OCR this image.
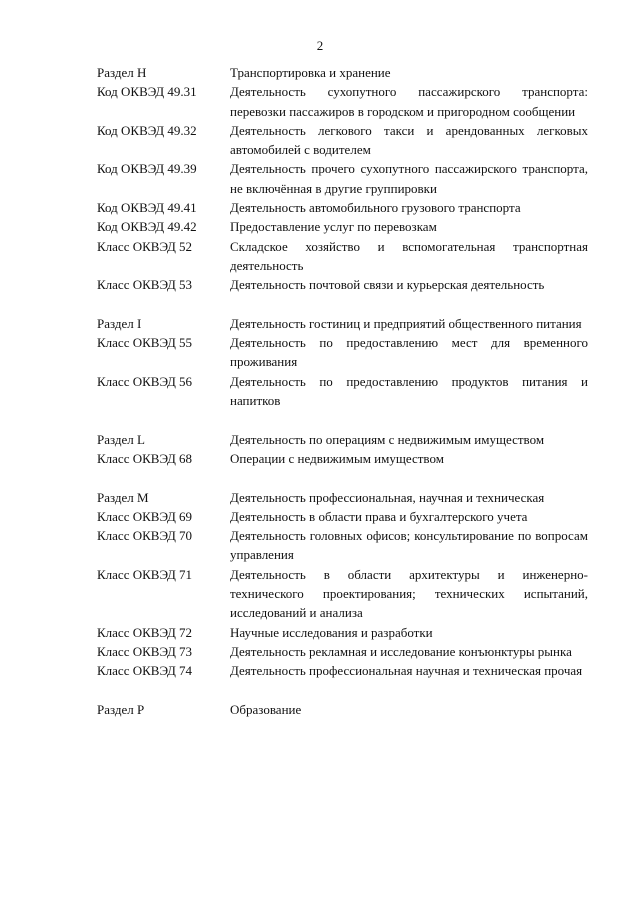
2
Раздел H	Транспортировка и хранение
Код ОКВЭД 49.31	Деятельность сухопутного пассажирского транспорта: перевозки пассажиров в городском и пригородном сообщении
Код ОКВЭД 49.32	Деятельность легкового такси и арендованных легковых автомобилей с водителем
Код ОКВЭД 49.39	Деятельность прочего сухопутного пассажирского транспорта, не включённая в другие группировки
Код ОКВЭД 49.41	Деятельность автомобильного грузового транспорта
Код ОКВЭД 49.42	Предоставление услуг по перевозкам
Класс ОКВЭД 52	Складское хозяйство и вспомогательная транспортная деятельность
Класс ОКВЭД 53	Деятельность почтовой связи и курьерская деятельность
Раздел I	Деятельность гостиниц и предприятий общественного питания
Класс ОКВЭД 55	Деятельность по предоставлению мест для временного проживания
Класс ОКВЭД 56	Деятельность по предоставлению продуктов питания и напитков
Раздел L	Деятельность по операциям с недвижимым имуществом
Класс ОКВЭД 68	Операции с недвижимым имуществом
Раздел M	Деятельность профессиональная, научная и техническая
Класс ОКВЭД 69	Деятельность в области права и бухгалтерского учета
Класс ОКВЭД 70	Деятельность головных офисов; консультирование по вопросам управления
Класс ОКВЭД 71	Деятельность в области архитектуры и инженерно-технического проектирования; технических испытаний, исследований и анализа
Класс ОКВЭД 72	Научные исследования и разработки
Класс ОКВЭД 73	Деятельность рекламная и исследование конъюнктуры рынка
Класс ОКВЭД 74	Деятельность профессиональная научная и техническая прочая
Раздел P	Образование
